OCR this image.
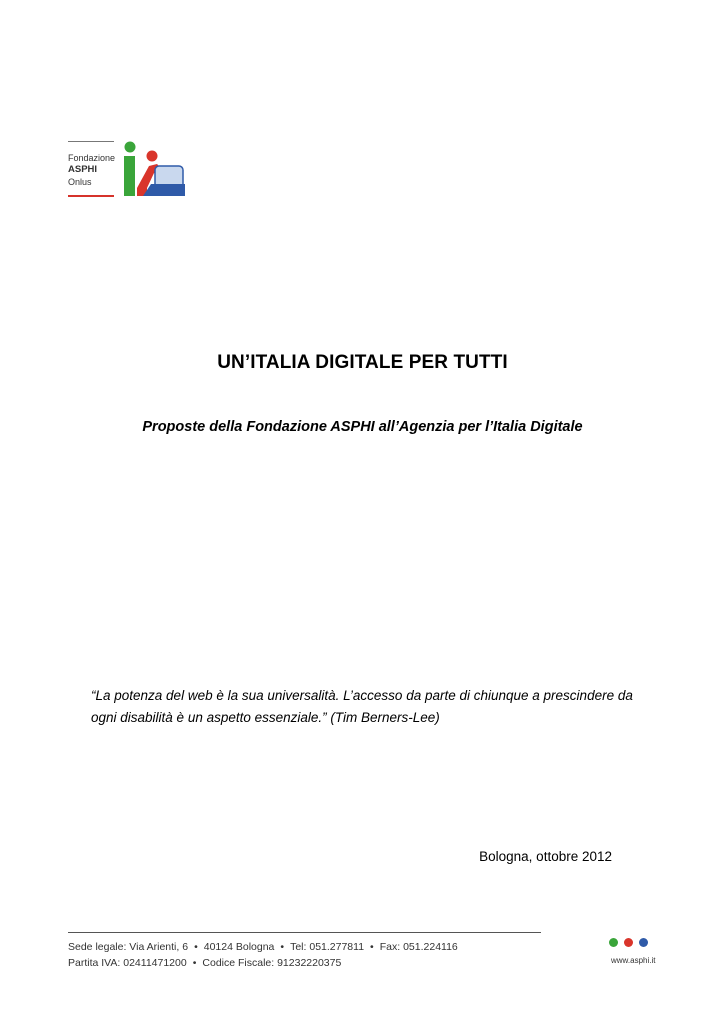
Fondazione
ASPHI
Onlus
UN’ITALIA DIGITALE PER TUTTI
Proposte della Fondazione ASPHI all’Agenzia per l’Italia Digitale
“La potenza del web è la sua universalità. L’accesso da parte di chiunque a prescindere da
ogni disabilità è un aspetto essenziale.” (Tim Berners-Lee)
Bologna, ottobre 2012
Sede legale: Via Arienti, 6 • 40124 Bologna • Tel: 051.277811 • Fax: 051.224116
Partita IVA: 02411471200 • Codice Fiscale: 91232220375	www.asphi.it
